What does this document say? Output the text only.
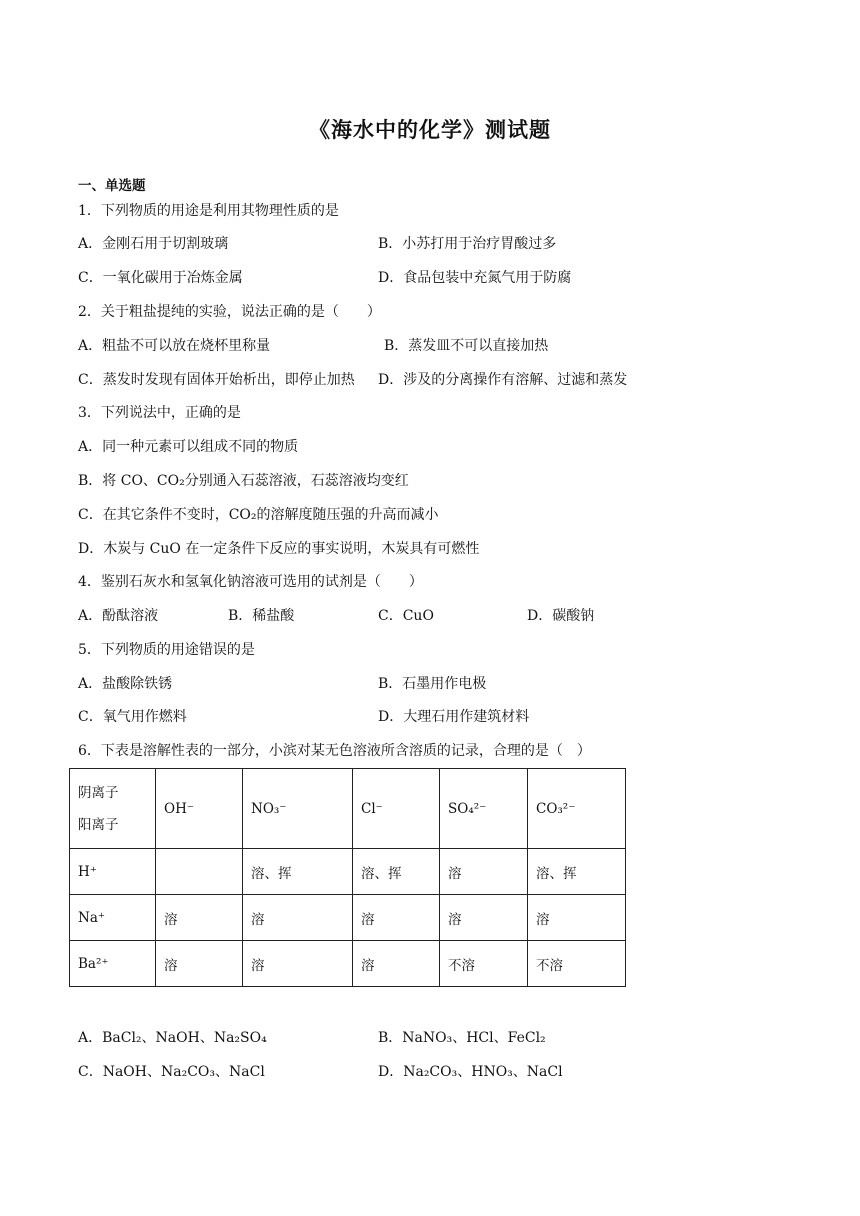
《海水中的化学》测试题
一、单选题
1．下列物质的用途是利用其物理性质的是
A．金刚石用于切割玻璃	B．小苏打用于治疗胃酸过多
C．一氧化碳用于冶炼金属	D．食品包装中充氮气用于防腐
2．关于粗盐提纯的实验，说法正确的是（　　）
A．粗盐不可以放在烧杯里称量	B．蒸发皿不可以直接加热
C．蒸发时发现有固体开始析出，即停止加热 D．涉及的分离操作有溶解、过滤和蒸发
3．下列说法中，正确的是
A．同一种元素可以组成不同的物质
B．将 CO、CO₂分别通入石蕊溶液，石蕊溶液均变红
C．在其它条件不变时，CO₂的溶解度随压强的升高而减小
D．木炭与 CuO 在一定条件下反应的事实说明，木炭具有可燃性
4．鉴别石灰水和氢氧化钠溶液可选用的试剂是（　　）
A．酚酞溶液	B．稀盐酸	C．CuO	D．碳酸钠
5．下列物质的用途错误的是
A．盐酸除铁锈	B．石墨用作电极
C．氧气用作燃料	D．大理石用作建筑材料
6．下表是溶解性表的一部分，小滨对某无色溶液所含溶质的记录，合理的是（　）
阴离子
阳离子	OH⁻	NO₃⁻	Cl⁻	SO₄²⁻	CO₃²⁻
H⁺		溶、挥	溶、挥	溶	溶、挥
Na⁺	溶	溶	溶	溶	溶
Ba²⁺	溶	溶	溶	不溶	不溶
A．BaCl₂、NaOH、Na₂SO₄	B．NaNO₃、HCl、FeCl₂
C．NaOH、Na₂CO₃、NaCl	D．Na₂CO₃、HNO₃、NaCl
